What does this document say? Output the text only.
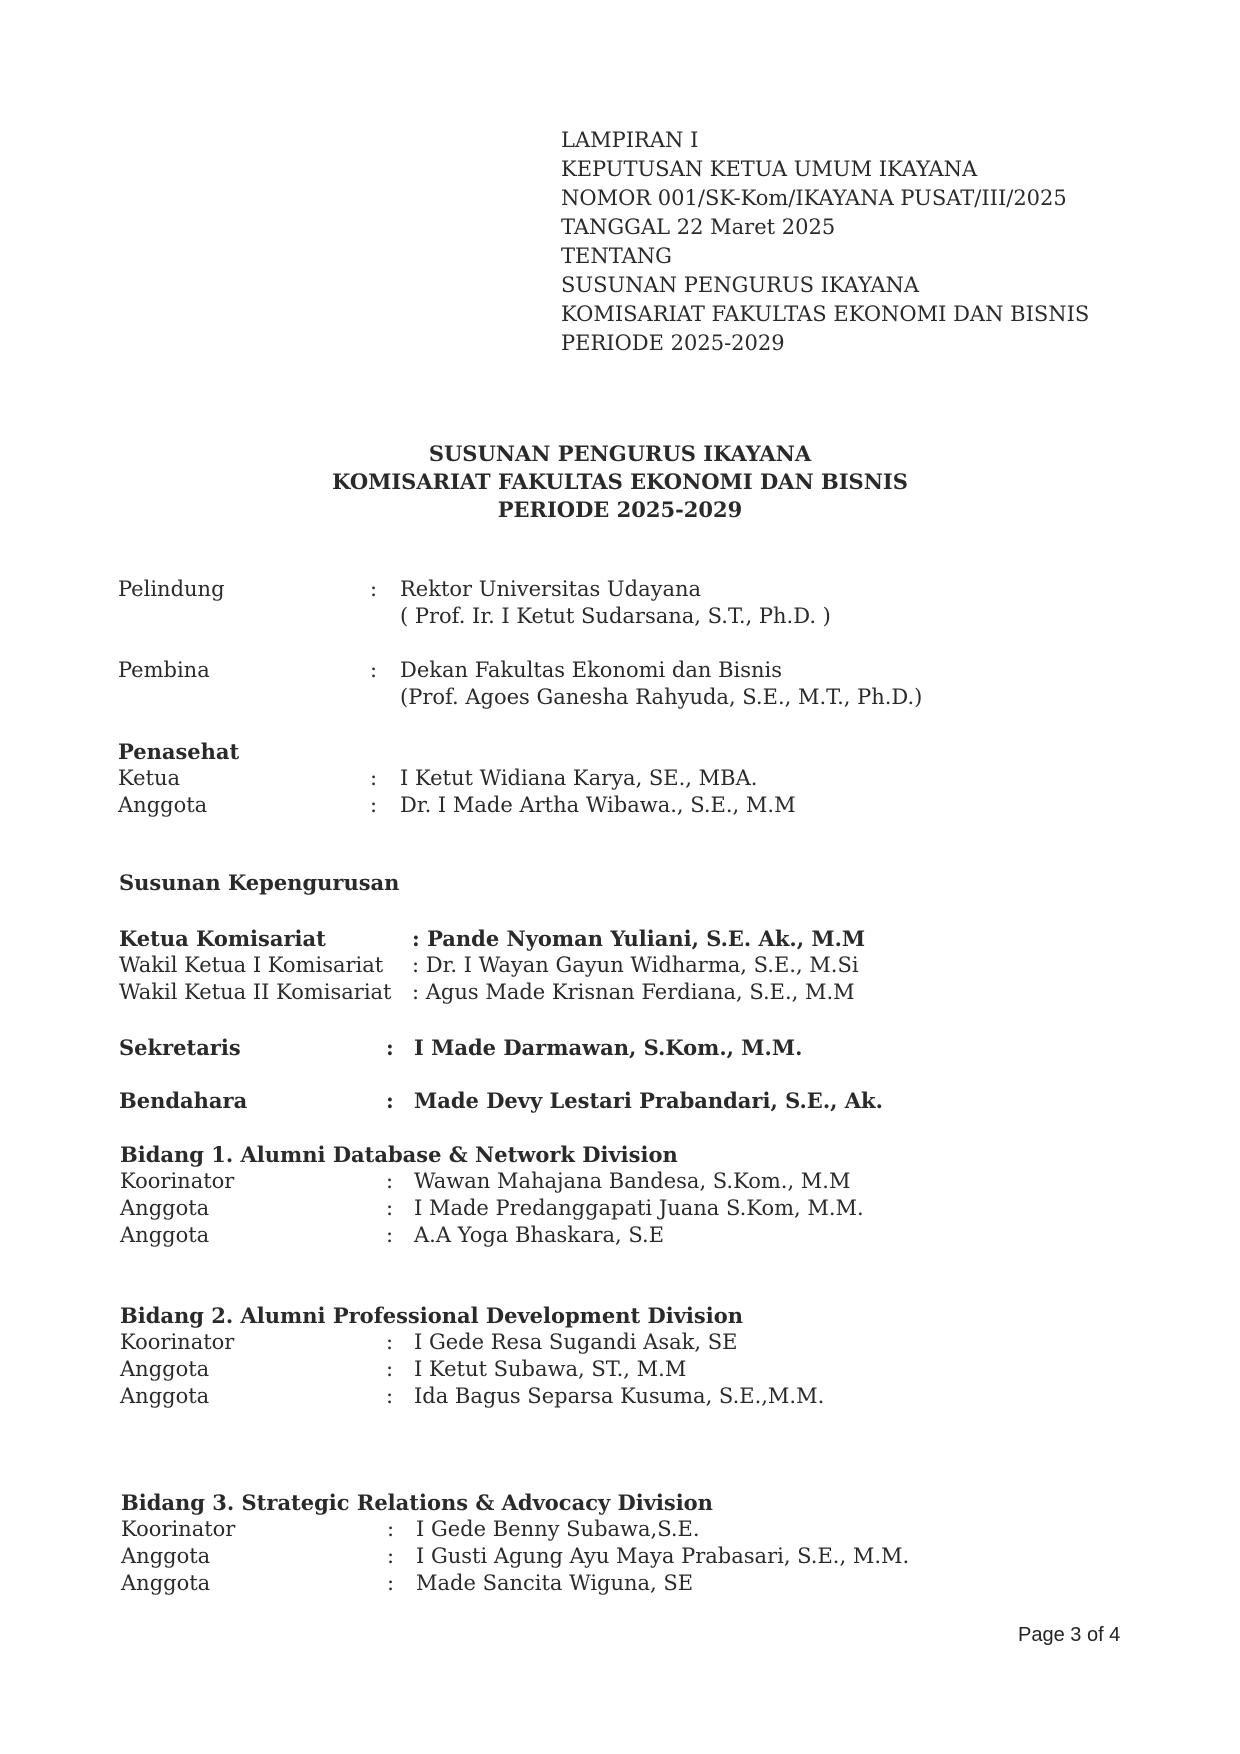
LAMPIRAN I
KEPUTUSAN KETUA UMUM IKAYANA
NOMOR 001/SK-Kom/IKAYANA PUSAT/III/2025
TANGGAL 22 Maret 2025
TENTANG
SUSUNAN PENGURUS IKAYANA
KOMISARIAT FAKULTAS EKONOMI DAN BISNIS
PERIODE 2025-2029
SUSUNAN PENGURUS IKAYANA
KOMISARIAT FAKULTAS EKONOMI DAN BISNIS
PERIODE 2025-2029
Pelindung	: Rektor Universitas Udayana
( Prof. Ir. I Ketut Sudarsana, S.T., Ph.D. )
Pembina	: Dekan Fakultas Ekonomi dan Bisnis
(Prof. Agoes Ganesha Rahyuda, S.E., M.T., Ph.D.)
Penasehat
Ketua	: I Ketut Widiana Karya, SE., MBA.
Anggota	: Dr. I Made Artha Wibawa., S.E., M.M
Susunan Kepengurusan
Ketua Komisariat	: Pande Nyoman Yuliani, S.E. Ak., M.M
Wakil Ketua I Komisariat : Dr. I Wayan Gayun Widharma, S.E., M.Si
Wakil Ketua II Komisariat : Agus Made Krisnan Ferdiana, S.E., M.M
Sekretaris	: I Made Darmawan, S.Kom., M.M.
Bendahara	: Made Devy Lestari Prabandari, S.E., Ak.
Bidang 1. Alumni Database & Network Division
Koorinator	: Wawan Mahajana Bandesa, S.Kom., M.M
Anggota	: I Made Predanggapati Juana S.Kom, M.M.
Anggota	: A.A Yoga Bhaskara, S.E
Bidang 2. Alumni Professional Development Division
Koorinator	: I Gede Resa Sugandi Asak, SE
Anggota	: I Ketut Subawa, ST., M.M
Anggota	: Ida Bagus Separsa Kusuma, S.E.,M.M.
Bidang 3. Strategic Relations & Advocacy Division
Koorinator	: I Gede Benny Subawa,S.E.
Anggota	: I Gusti Agung Ayu Maya Prabasari, S.E., M.M.
Anggota	: Made Sancita Wiguna, SE
Page 3 of 4
